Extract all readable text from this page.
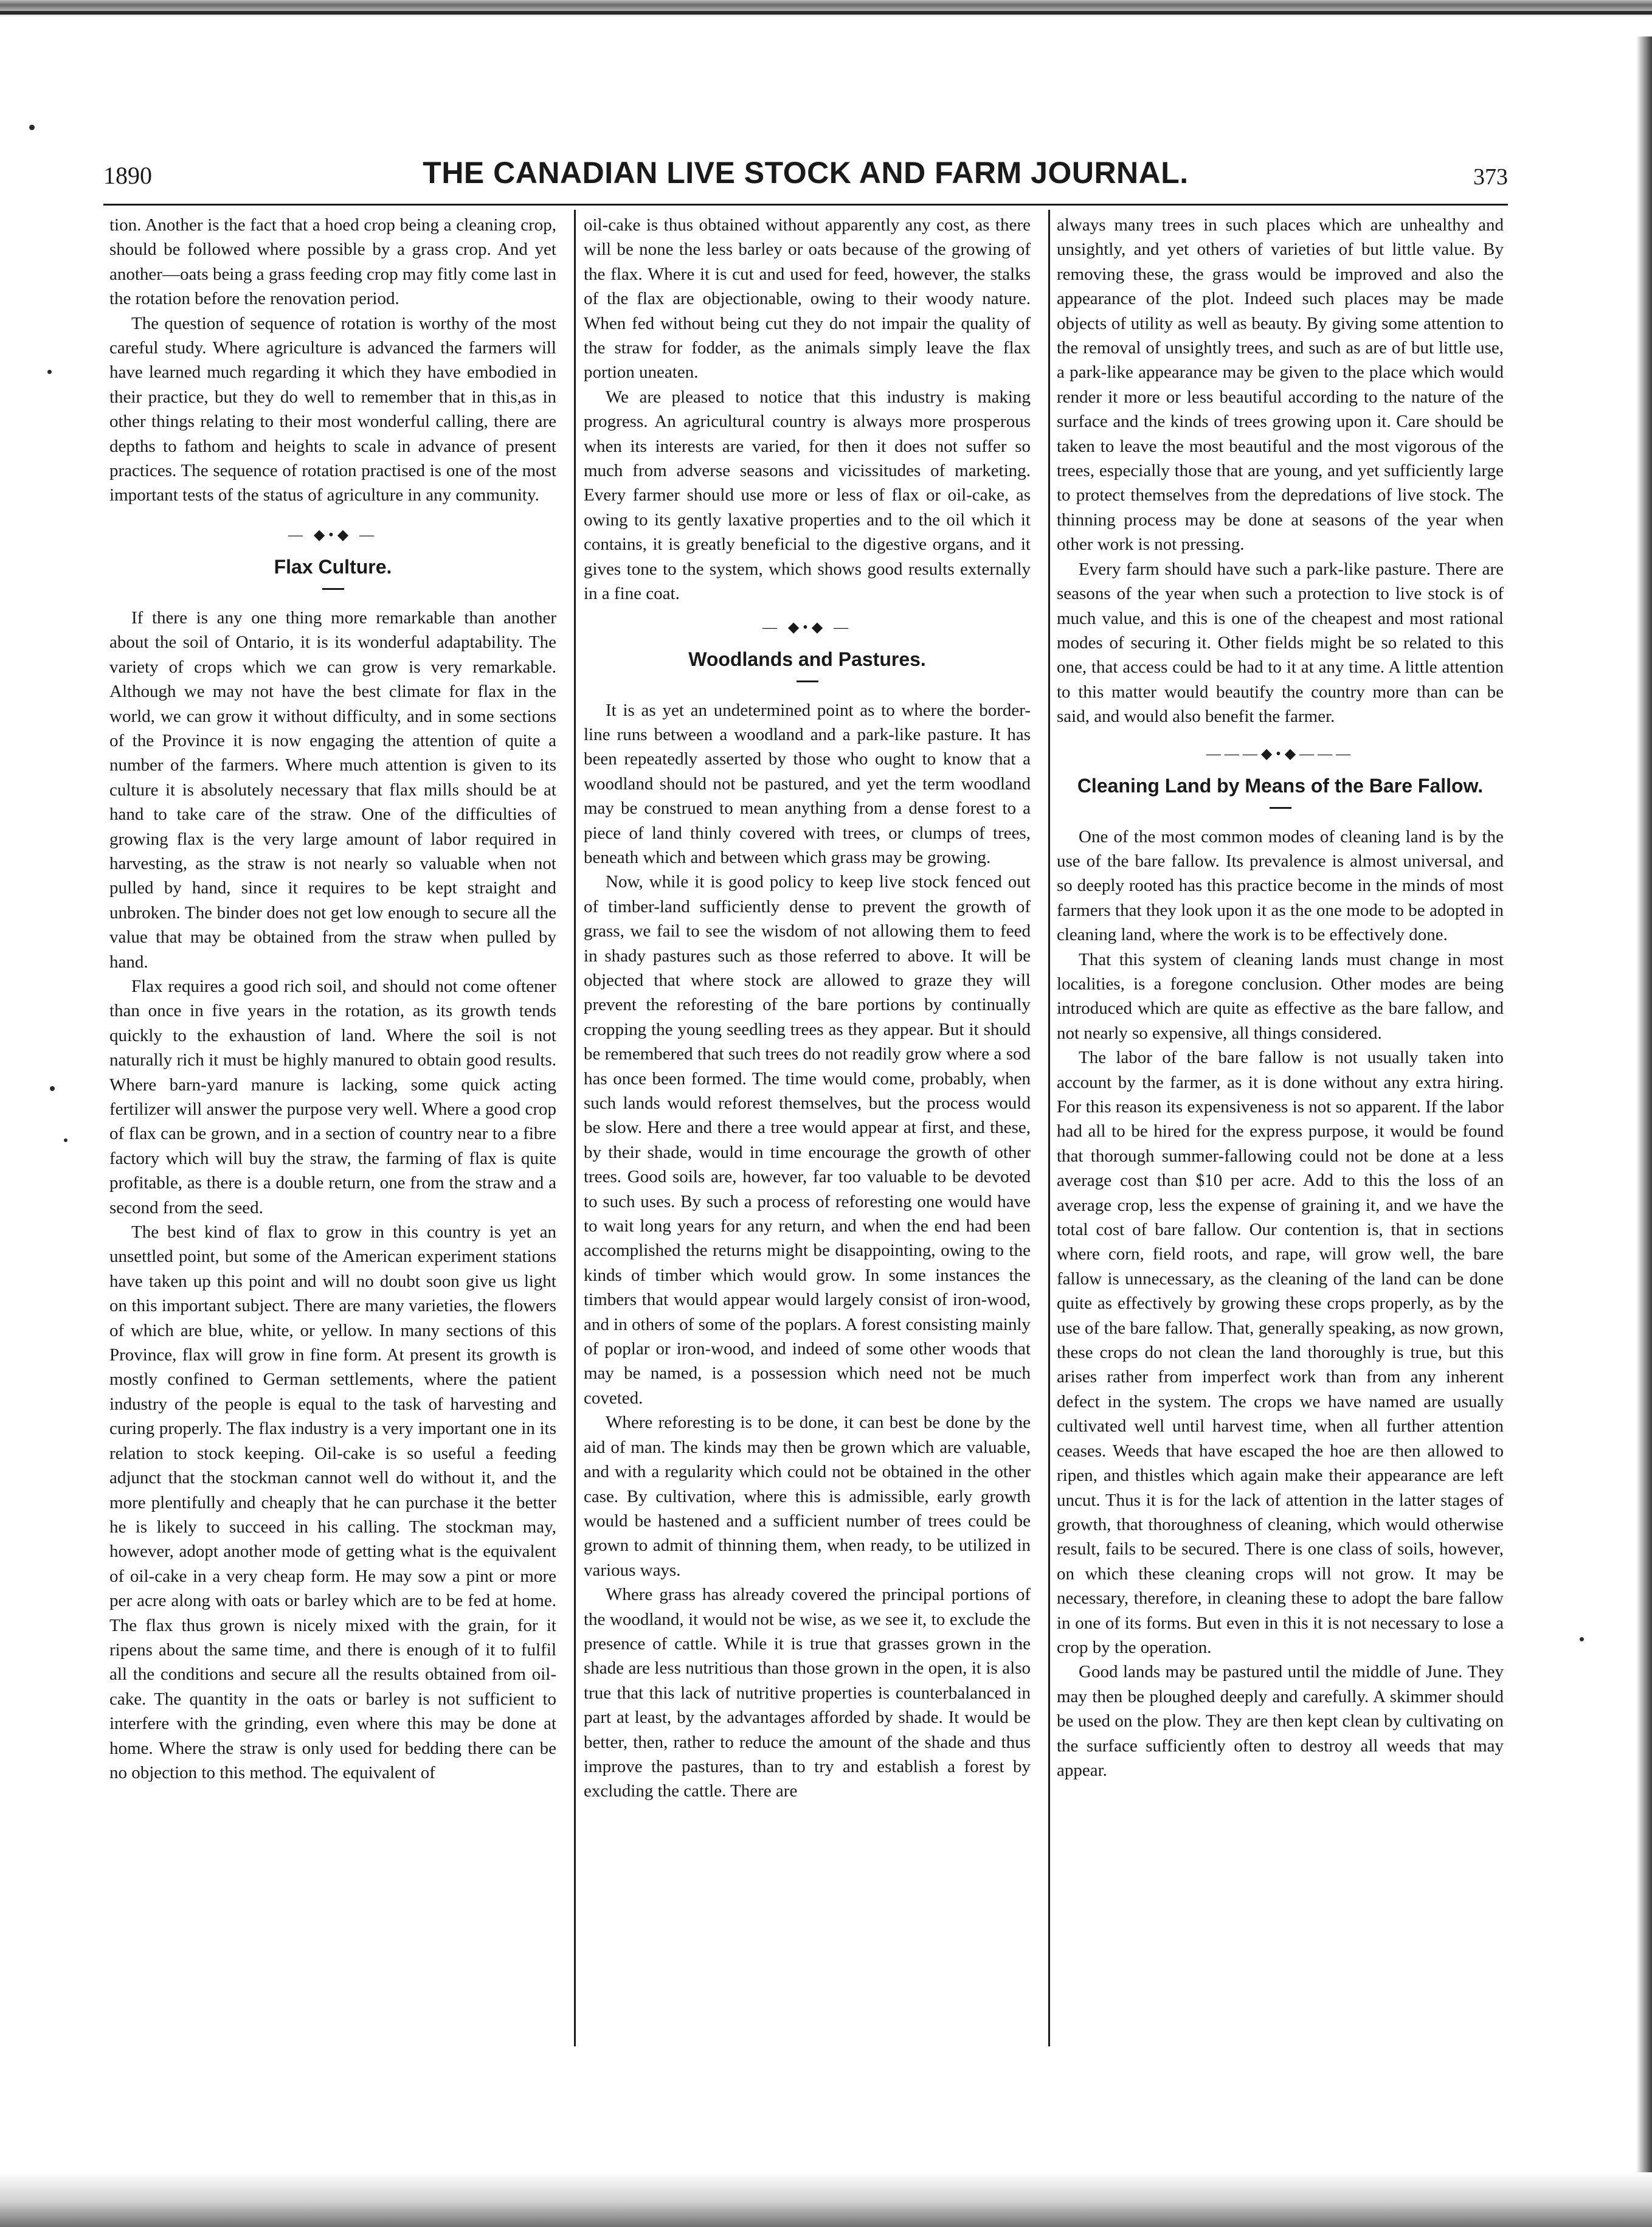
1890	THE CANADIAN LIVE STOCK AND FARM JOURNAL.	373

tion. Another is the fact that a hoed crop being a cleaning crop, should be followed where possible by a grass crop. And yet another—oats being a grass feeding crop may fitly come last in the rotation before the renovation period.

The question of sequence of rotation is worthy of the most careful study. Where agriculture is advanced the farmers will have learned much regarding it which they have embodied in their practice, but they do well to remember that in this,as in other things relating to their most wonderful calling, there are depths to fathom and heights to scale in advance of present practices. The sequence of rotation practised is one of the most important tests of the status of agriculture in any community.

— ◆•◆ —
Flax Culture.

If there is any one thing more remarkable than another about the soil of Ontario, it is its wonderful adaptability. The variety of crops which we can grow is very remarkable. Although we may not have the best climate for flax in the world, we can grow it without difficulty, and in some sections of the Province it is now engaging the attention of quite a number of the farmers. Where much attention is given to its culture it is absolutely necessary that flax mills should be at hand to take care of the straw. One of the difficulties of growing flax is the very large amount of labor required in harvesting, as the straw is not nearly so valuable when not pulled by hand, since it requires to be kept straight and unbroken. The binder does not get low enough to secure all the value that may be obtained from the straw when pulled by hand.

Flax requires a good rich soil, and should not come oftener than once in five years in the rotation, as its growth tends quickly to the exhaustion of land. Where the soil is not naturally rich it must be highly manured to obtain good results. Where barn-yard manure is lacking, some quick acting fertilizer will answer the purpose very well. Where a good crop of flax can be grown, and in a section of country near to a fibre factory which will buy the straw, the farming of flax is quite profitable, as there is a double return, one from the straw and a second from the seed.

The best kind of flax to grow in this country is yet an unsettled point, but some of the American experiment stations have taken up this point and will no doubt soon give us light on this important subject. There are many varieties, the flowers of which are blue, white, or yellow. In many sections of this Province, flax will grow in fine form. At present its growth is mostly confined to German settlements, where the patient industry of the people is equal to the task of harvesting and curing properly. The flax industry is a very important one in its relation to stock keeping. Oil-cake is so useful a feeding adjunct that the stockman cannot well do without it, and the more plentifully and cheaply that he can purchase it the better he is likely to succeed in his calling. The stockman may, however, adopt another mode of getting what is the equivalent of oil-cake in a very cheap form. He may sow a pint or more per acre along with oats or barley which are to be fed at home. The flax thus grown is nicely mixed with the grain, for it ripens about the same time, and there is enough of it to fulfil all the conditions and secure all the results obtained from oil-cake. The quantity in the oats or barley is not sufficient to interfere with the grinding, even where this may be done at home. Where the straw is only used for bedding there can be no objection to this method. The equivalent of

oil-cake is thus obtained without apparently any cost, as there will be none the less barley or oats because of the growing of the flax. Where it is cut and used for feed, however, the stalks of the flax are objectionable, owing to their woody nature. When fed without being cut they do not impair the quality of the straw for fodder, as the animals simply leave the flax portion uneaten.

We are pleased to notice that this industry is making progress. An agricultural country is always more prosperous when its interests are varied, for then it does not suffer so much from adverse seasons and vicissitudes of marketing. Every farmer should use more or less of flax or oil-cake, as owing to its gently laxative properties and to the oil which it contains, it is greatly beneficial to the digestive organs, and it gives tone to the system, which shows good results externally in a fine coat.

— ◆•◆ —
Woodlands and Pastures.

It is as yet an undetermined point as to where the border-line runs between a woodland and a park-like pasture. It has been repeatedly asserted by those who ought to know that a woodland should not be pastured, and yet the term woodland may be construed to mean anything from a dense forest to a piece of land thinly covered with trees, or clumps of trees, beneath which and between which grass may be growing.

Now, while it is good policy to keep live stock fenced out of timber-land sufficiently dense to prevent the growth of grass, we fail to see the wisdom of not allowing them to feed in shady pastures such as those referred to above. It will be objected that where stock are allowed to graze they will prevent the reforesting of the bare portions by continually cropping the young seedling trees as they appear. But it should be remembered that such trees do not readily grow where a sod has once been formed. The time would come, probably, when such lands would reforest themselves, but the process would be slow. Here and there a tree would appear at first, and these, by their shade, would in time encourage the growth of other trees. Good soils are, however, far too valuable to be devoted to such uses. By such a process of reforesting one would have to wait long years for any return, and when the end had been accomplished the returns might be disappointing, owing to the kinds of timber which would grow. In some instances the timbers that would appear would largely consist of iron-wood, and in others of some of the poplars. A forest consisting mainly of poplar or iron-wood, and indeed of some other woods that may be named, is a possession which need not be much coveted.

Where reforesting is to be done, it can best be done by the aid of man. The kinds may then be grown which are valuable, and with a regularity which could not be obtained in the other case. By cultivation, where this is admissible, early growth would be hastened and a sufficient number of trees could be grown to admit of thinning them, when ready, to be utilized in various ways.

Where grass has already covered the principal portions of the woodland, it would not be wise, as we see it, to exclude the presence of cattle. While it is true that grasses grown in the shade are less nutritious than those grown in the open, it is also true that this lack of nutritive properties is counterbalanced in part at least, by the advantages afforded by shade. It would be better, then, rather to reduce the amount of the shade and thus improve the pastures, than to try and establish a forest by excluding the cattle. There are

always many trees in such places which are unhealthy and unsightly, and yet others of varieties of but little value. By removing these, the grass would be improved and also the appearance of the plot. Indeed such places may be made objects of utility as well as beauty. By giving some attention to the removal of unsightly trees, and such as are of but little use, a park-like appearance may be given to the place which would render it more or less beautiful according to the nature of the surface and the kinds of trees growing upon it. Care should be taken to leave the most beautiful and the most vigorous of the trees, especially those that are young, and yet sufficiently large to protect themselves from the depredations of live stock. The thinning process may be done at seasons of the year when other work is not pressing.

Every farm should have such a park-like pasture. There are seasons of the year when such a protection to live stock is of much value, and this is one of the cheapest and most rational modes of securing it. Other fields might be so related to this one, that access could be had to it at any time. A little attention to this matter would beautify the country more than can be said, and would also benefit the farmer.

———◆•◆———
Cleaning Land by Means of the Bare Fallow.

One of the most common modes of cleaning land is by the use of the bare fallow. Its prevalence is almost universal, and so deeply rooted has this practice become in the minds of most farmers that they look upon it as the one mode to be adopted in cleaning land, where the work is to be effectively done.

That this system of cleaning lands must change in most localities, is a foregone conclusion. Other modes are being introduced which are quite as effective as the bare fallow, and not nearly so expensive, all things considered.

The labor of the bare fallow is not usually taken into account by the farmer, as it is done without any extra hiring. For this reason its expensiveness is not so apparent. If the labor had all to be hired for the express purpose, it would be found that thorough summer-fallowing could not be done at a less average cost than $10 per acre. Add to this the loss of an average crop, less the expense of graining it, and we have the total cost of bare fallow. Our contention is, that in sections where corn, field roots, and rape, will grow well, the bare fallow is unnecessary, as the cleaning of the land can be done quite as effectively by growing these crops properly, as by the use of the bare fallow. That, generally speaking, as now grown, these crops do not clean the land thoroughly is true, but this arises rather from imperfect work than from any inherent defect in the system. The crops we have named are usually cultivated well until harvest time, when all further attention ceases. Weeds that have escaped the hoe are then allowed to ripen, and thistles which again make their appearance are left uncut. Thus it is for the lack of attention in the latter stages of growth, that thoroughness of cleaning, which would otherwise result, fails to be secured. There is one class of soils, however, on which these cleaning crops will not grow. It may be necessary, therefore, in cleaning these to adopt the bare fallow in one of its forms. But even in this it is not necessary to lose a crop by the operation.

Good lands may be pastured until the middle of June. They may then be ploughed deeply and carefully. A skimmer should be used on the plow. They are then kept clean by cultivating on the surface sufficiently often to destroy all weeds that may appear.
